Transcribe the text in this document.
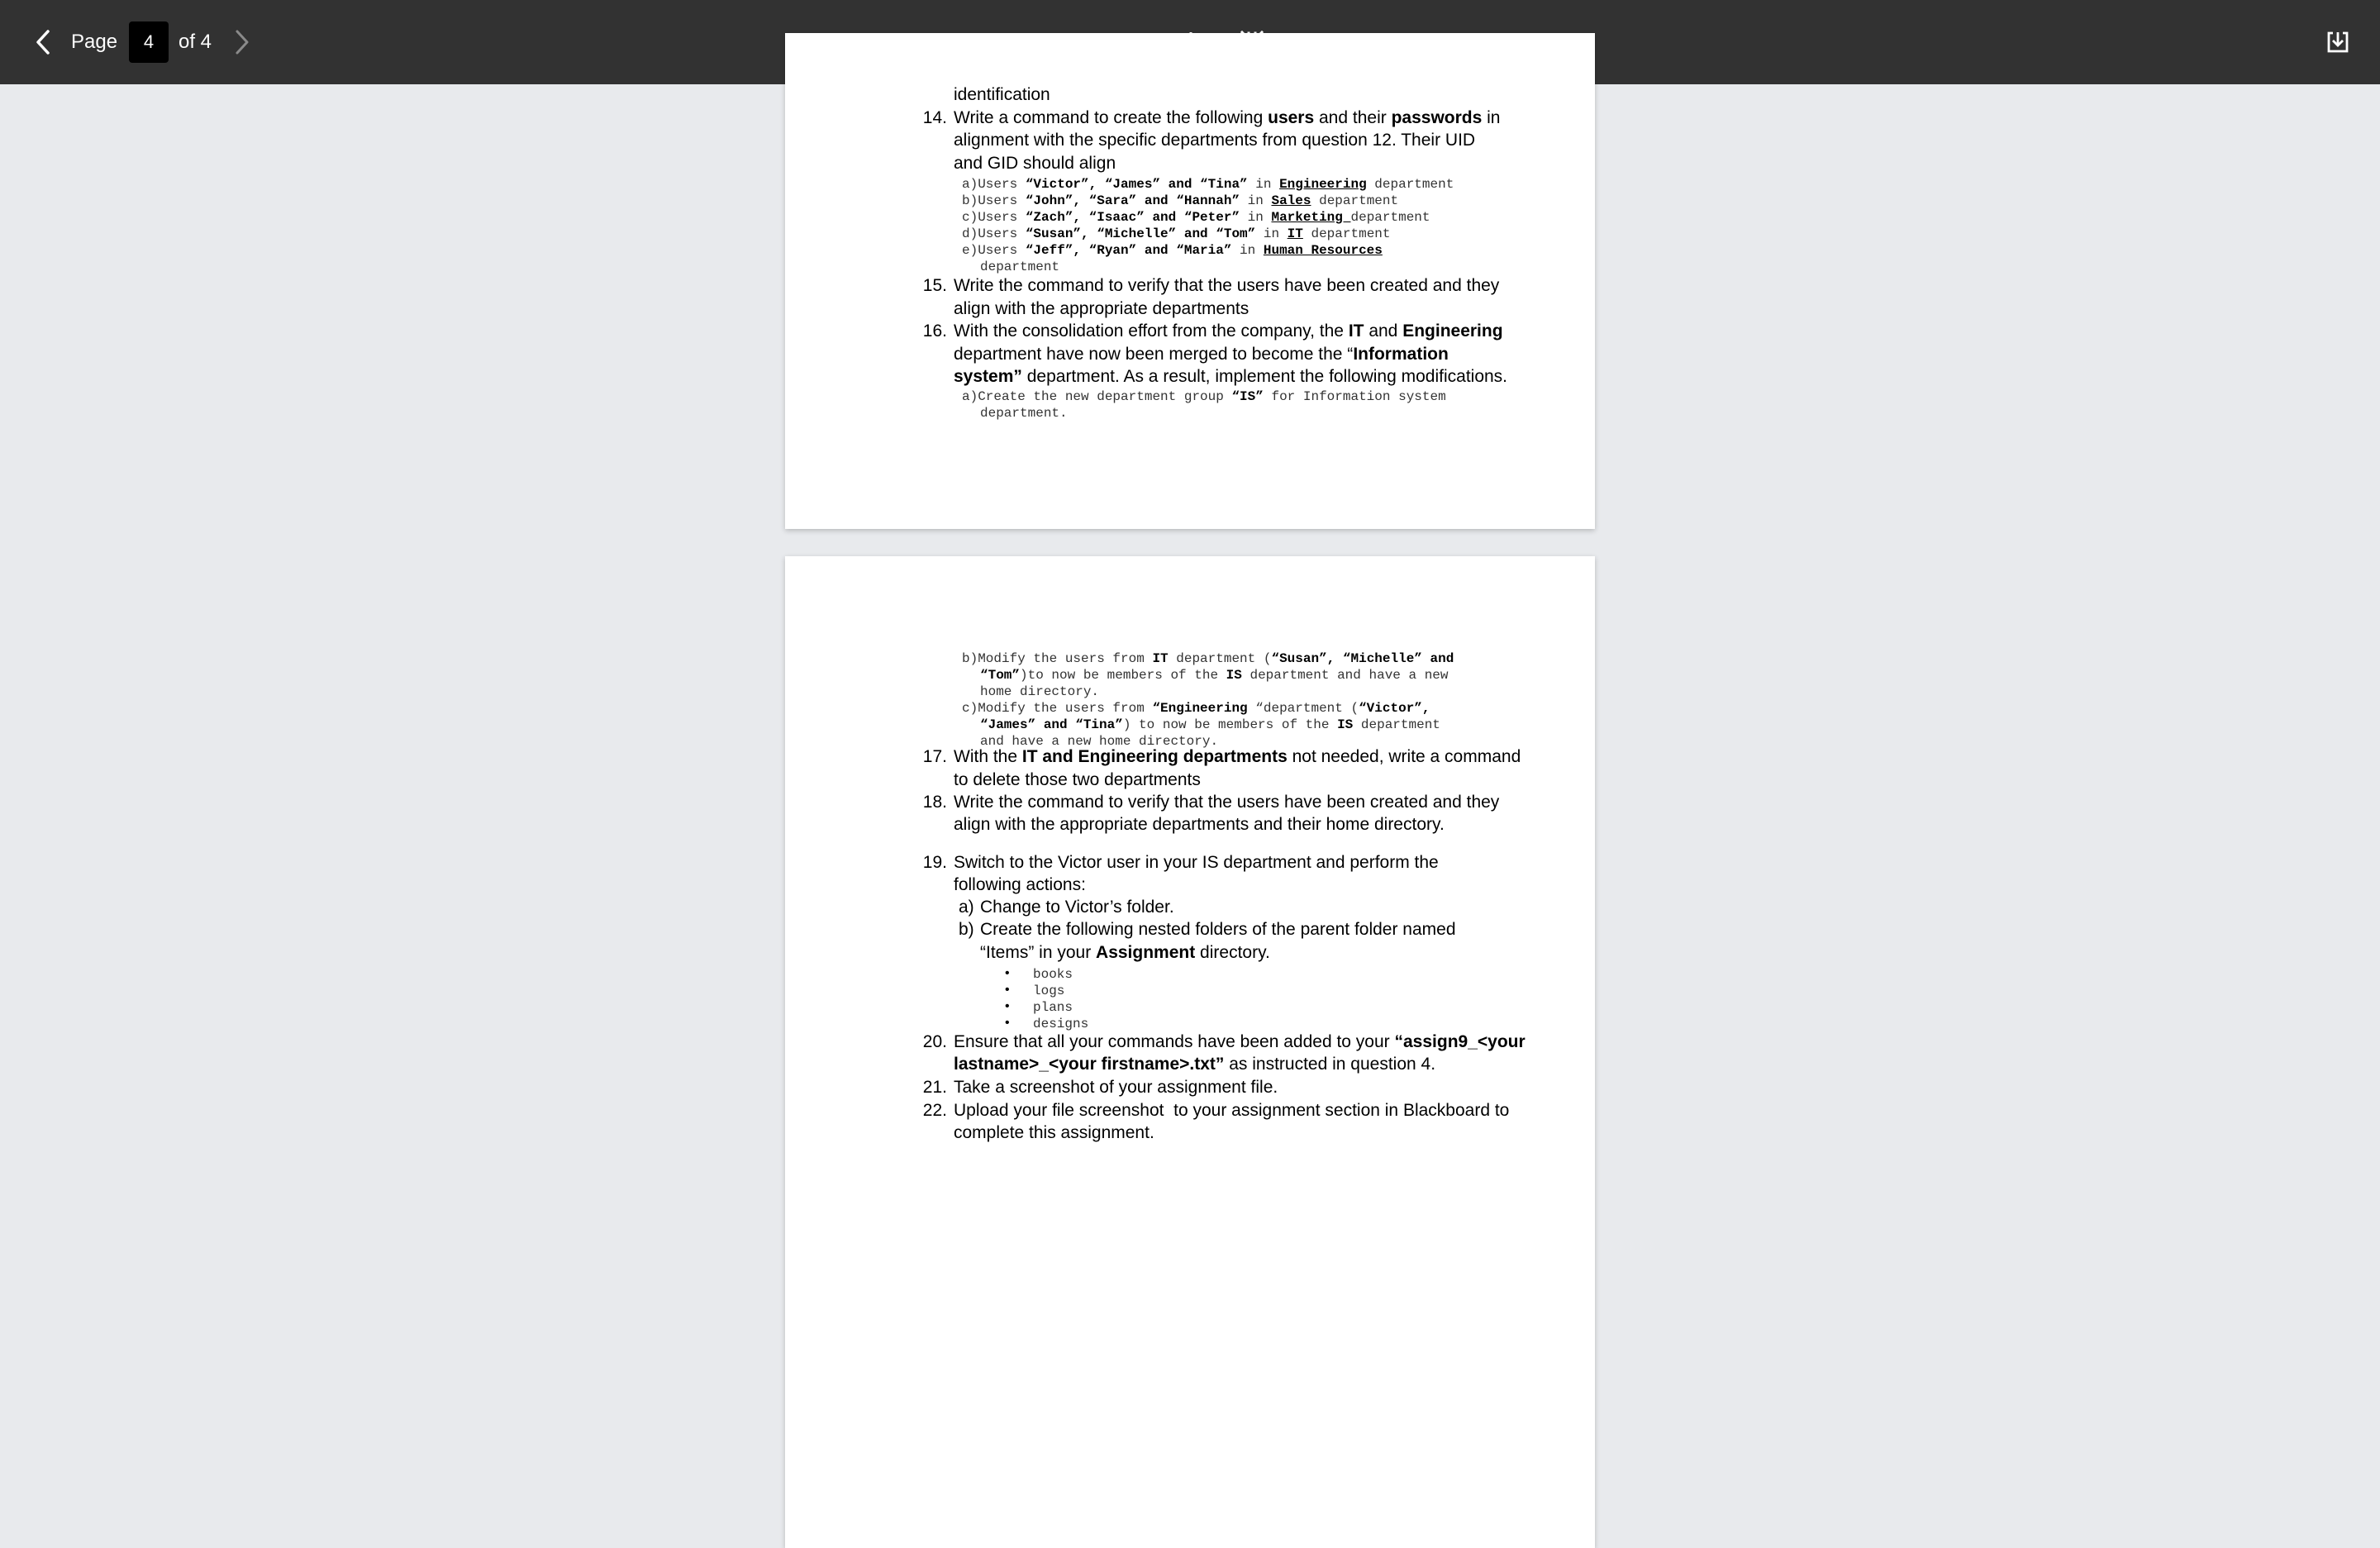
Page
4	of 4
identification
14. Write a command to create the following users and their passwords in
alignment with the specific departments from question 12. Their UID
and GID should align
a)Users “Victor”, “James” and “Tina” in Engineering department
b)Users “John”, “Sara” and “Hannah” in Sales department
c)Users “Zach”, “Isaac” and “Peter” in Marketing department
d)Users “Susan”, “Michelle” and “Tom” in IT department
e)Users “Jeff”, “Ryan” and “Maria” in Human Resources
department
15. Write the command to verify that the users have been created and they
align with the appropriate departments
16. With the consolidation effort from the company, the IT and Engineering
department have now been merged to become the “Information
system” department. As a result, implement the following modifications.
a)Create the new department group “IS” for Information system
department.
b)Modify the users from IT department (“Susan”, “Michelle” and
“Tom”)to now be members of the IS department and have a new
home directory.
c)Modify the users from “Engineering “department (“Victor”,
“James” and “Tina”) to now be members of the IS department
and have a new home directory.
17. With the IT and Engineering departments not needed, write a command
to delete those two departments
18. Write the command to verify that the users have been created and they
align with the appropriate departments and their home directory.
19. Switch to the Victor user in your IS department and perform the
following actions:
a) Change to Victor’s folder.
b) Create the following nested folders of the parent folder named
“Items” in your Assignment directory.
• books
• logs
• plans
• designs
20. Ensure that all your commands have been added to your “assign9_<your
lastname>_<your firstname>.txt” as instructed in question 4.
21. Take a screenshot of your assignment file.
22. Upload your file screenshot  to your assignment section in Blackboard to
complete this assignment.
